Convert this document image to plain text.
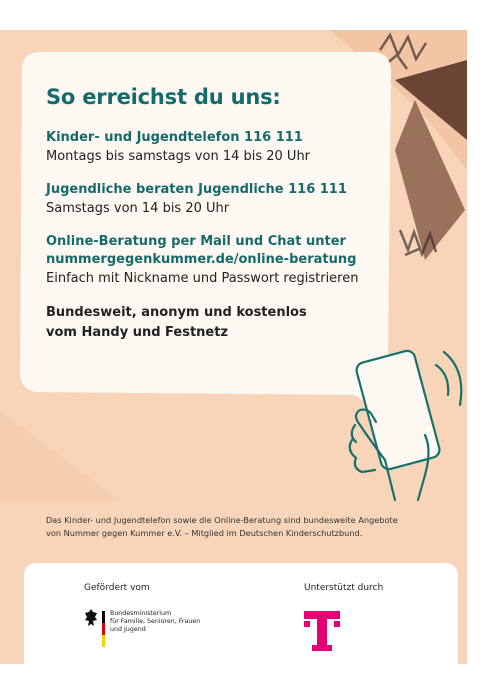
So erreichst du uns:
Kinder- und Jugendtelefon 116 111
Montags bis samstags von 14 bis 20 Uhr
Jugendliche beraten Jugendliche 116 111
Samstags von 14 bis 20 Uhr
Online-Beratung per Mail und Chat unter
nummergegenkummer.de/online-beratung
Einfach mit Nickname und Passwort registrieren
Bundesweit, anonym und kostenlos
vom Handy und Festnetz
Das Kinder- und Jugendtelefon sowie die Online-Beratung sind bundesweite Angebote
von Nummer gegen Kummer e.V. – Mitglied im Deutschen Kinderschutzbund.
Gefördert vom	Unterstützt durch
Bundesministerium
für Familie, Senioren, Frauen
und Jugend
